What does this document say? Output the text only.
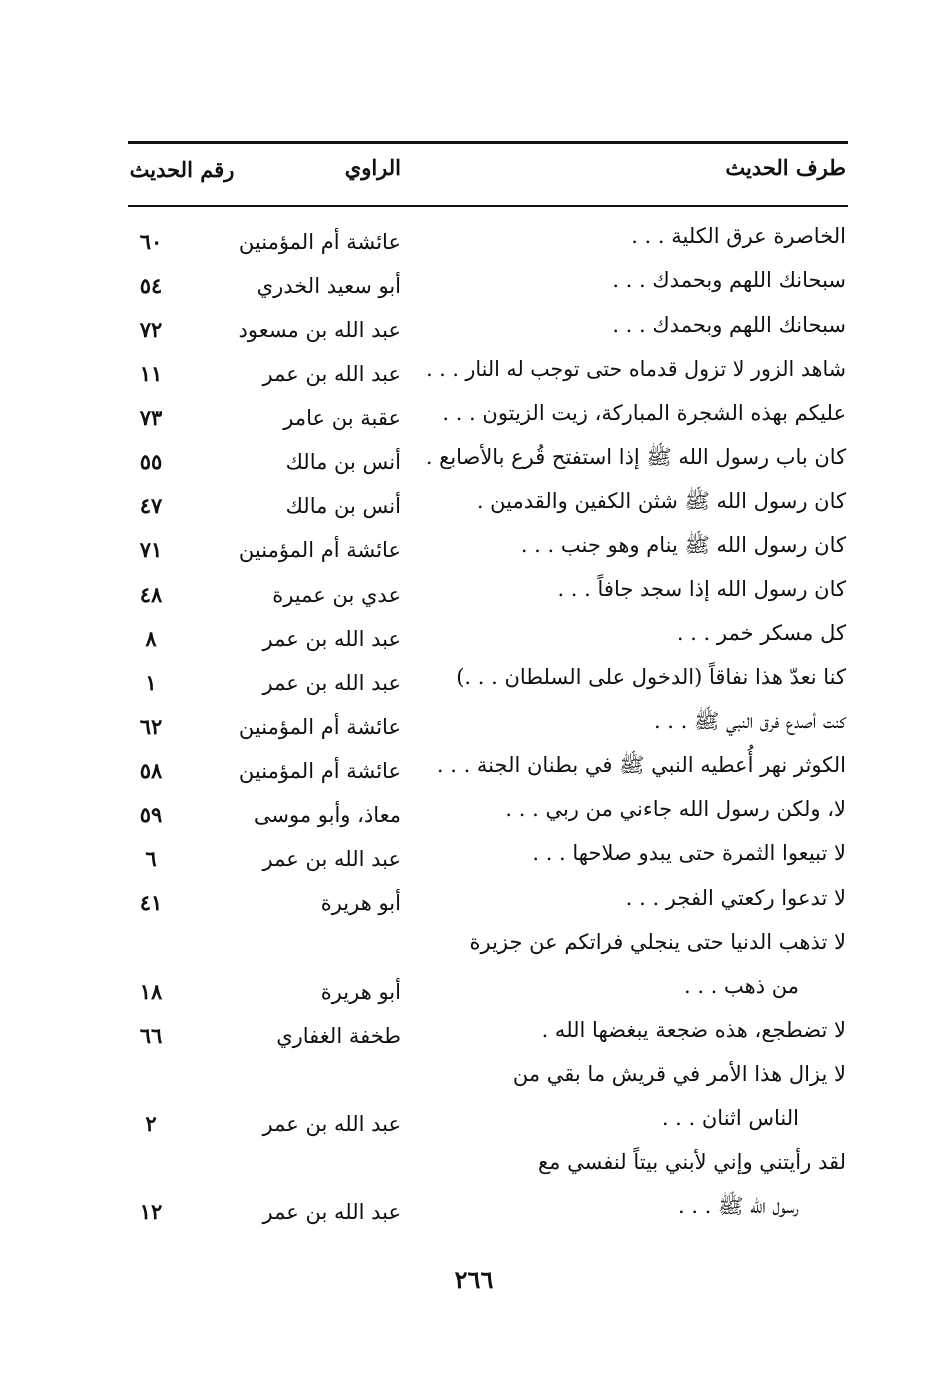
طرف الحديث
الراوي
رقم الحديث
الخاصرة عرق الكلية . . .
عائشة أم المؤمنين
٦٠
سبحانك اللهم وبحمدك . . .
أبو سعيد الخدري
٥٤
سبحانك اللهم وبحمدك . . .
عبد الله بن مسعود
٧٢
شاهد الزور لا تزول قدماه حتى توجب له النار . . .
عبد الله بن عمر
١١
عليكم بهذه الشجرة المباركة، زيت الزيتون . . .
عقبة بن عامر
٧٣
كان باب رسول الله ﷺ إذا استفتح قُرع بالأصابع .
أنس بن مالك
٥٥
كان رسول الله ﷺ شثن الكفين والقدمين .
أنس بن مالك
٤٧
كان رسول الله ﷺ ينام وهو جنب . . .
عائشة أم المؤمنين
٧١
كان رسول الله إذا سجد جافاً . . .
عدي بن عميرة
٤٨
كل مسكر خمر . . .
عبد الله بن عمر
٨
كنا نعدّ هذا نفاقاً (الدخول على السلطان . . .)
عبد الله بن عمر
١
كنت أصدع فرق النبي ﷺ . . .
عائشة أم المؤمنين
٦٢
الكوثر نهر أُعطيه النبي ﷺ في بطنان الجنة . . .
عائشة أم المؤمنين
٥٨
لا، ولكن رسول الله جاءني من ربي . . .
معاذ، وأبو موسى
٥٩
لا تبيعوا الثمرة حتى يبدو صلاحها . . .
عبد الله بن عمر
٦
لا تدعوا ركعتي الفجر . . .
أبو هريرة
٤١
لا تذهب الدنيا حتى ينجلي فراتكم عن جزيرة
من ذهب . . .
أبو هريرة
١٨
لا تضطجع، هذه ضجعة يبغضها الله .
طخفة الغفاري
٦٦
لا يزال هذا الأمر في قريش ما بقي من
الناس اثنان . . .
عبد الله بن عمر
٢
لقد رأيتني وإني لأبني بيتاً لنفسي مع
رسول الله ﷺ . . .
عبد الله بن عمر
١٢
٢٦٦
